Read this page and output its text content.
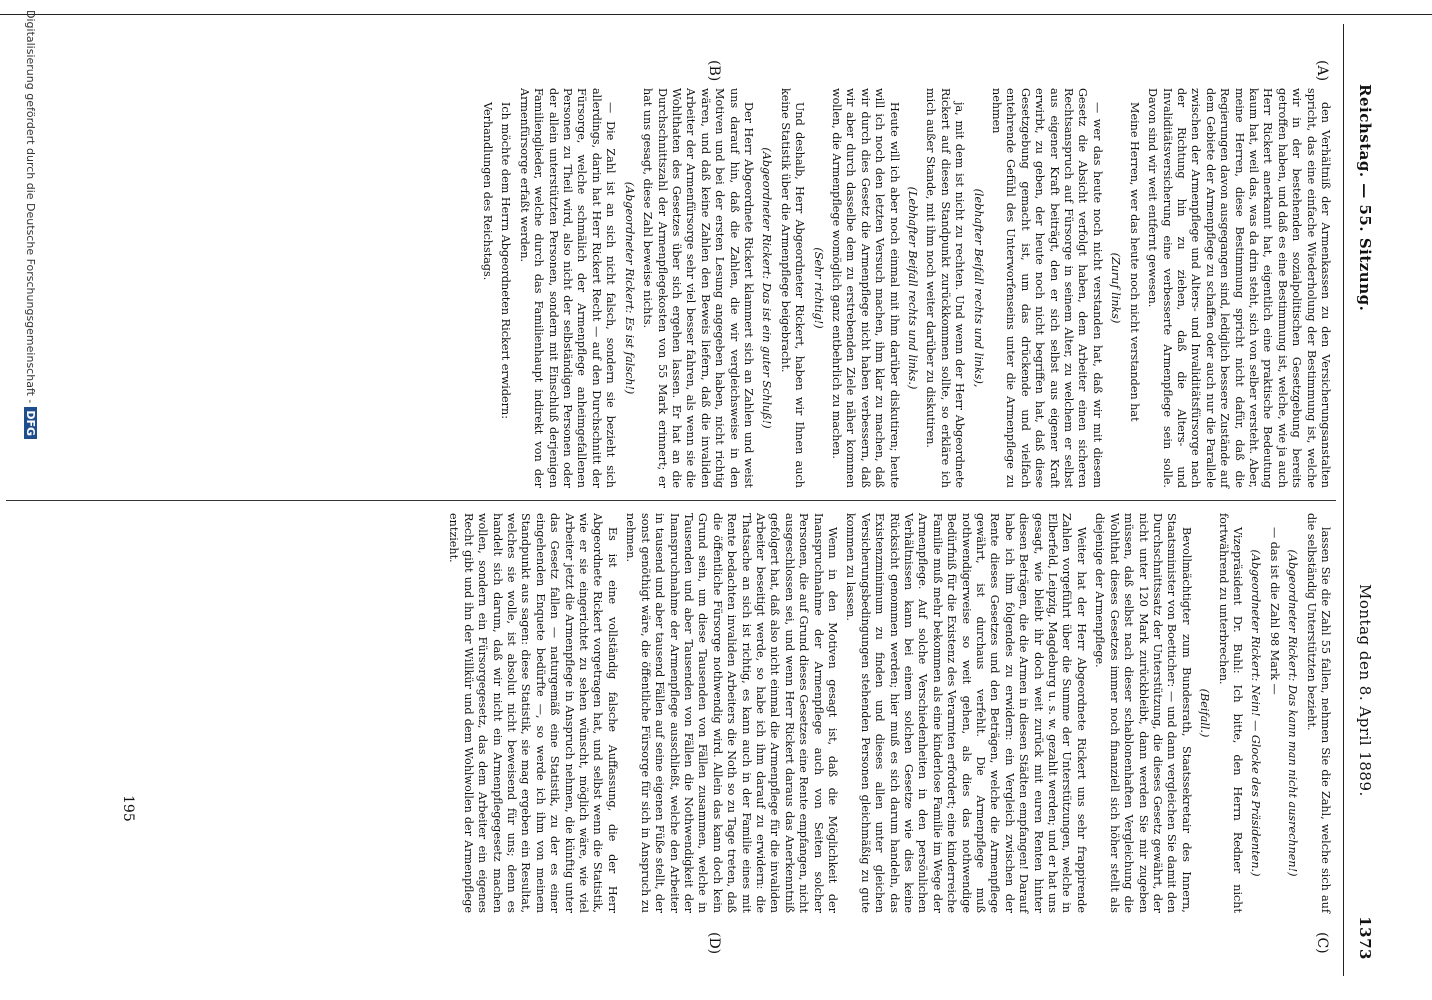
Reichstag. — 55. Sitzung.
Montag den 8. April 1889.
1373
(A)
(B)
(C)
(D)

den Verhältniß der Armenkassen zu den Versicherungsanstalten spricht, das eine einfache Wiederholung der Bestimmung ist, welche wir in der bestehenden sozialpolitischen Gesetzgebung bereits getroffen haben, und daß es eine Bestimmung ist, welche, wie ja auch Herr Rickert anerkannt hat, eigentlich eine praktische Bedeutung kaum hat, weil das, was da drin steht, sich von selber versteht. Aber, meine Herren, diese Bestimmung spricht nicht dafür, daß die Regierungen davon ausgegangen sind, lediglich bessere Zustände auf dem Gebiete der Armenpflege zu schaffen oder auch nur die Parallele zwischen der Armenpflege und Alters- und Invaliditätsfürsorge nach der Richtung hin zu ziehen, daß die Alters- und Invaliditätsversicherung eine verbesserte Armenpflege sein solle. Davon sind wir weit entfernt gewesen.

Meine Herren, wer das heute noch nicht verstanden hat

(Zuruf links)

— wer das heute noch nicht verstanden hat, daß wir mit diesem Gesetz die Absicht verfolgt haben, dem Arbeiter einen sicheren Rechtsanspruch auf Fürsorge in seinem Alter, zu welchem er selbst aus eigener Kraft beiträgt, den er sich selbst aus eigener Kraft erwirbt, zu geben, der heute noch nicht begriffen hat, daß diese Gesetzgebung gemacht ist, um das drückende und vielfach entehrende Gefühl des Unterworfenseins unter die Armenpflege zu nehmen

(lebhafter Beifall rechts und links),

ja, mit dem ist nicht zu rechten. Und wenn der Herr Abgeordnete Rickert auf diesen Standpunkt zurückkommen sollte, so erkläre ich mich außer Stande, mit ihm noch weiter darüber zu diskutiren.

(Lebhafter Beifall rechts und links.)

Heute will ich aber noch einmal mit ihm darüber diskutiren; heute will ich noch den letzten Versuch machen, ihm klar zu machen, daß wir durch dies Gesetz die Armenpflege nicht haben verbessern, daß wir aber durch dasselbe dem zu erstrebenden Ziele näher kommen wollen, die Armenpflege womöglich ganz entbehrlich zu machen.

(Sehr richtig!)

Und deshalb, Herr Abgeordneter Rickert, haben wir Ihnen auch keine Statistik über die Armenpflege beigebracht.

(Abgeordneter Rickert: Das ist ein guter Schluß!)

Der Herr Abgeordnete Rickert klammert sich an Zahlen und weist uns darauf hin, daß die Zahlen, die wir vergleichsweise in den Motiven und bei der ersten Lesung angegeben haben, nicht richtig wären, und daß keine Zahlen den Beweis liefern, daß die invaliden Arbeiter der Armenfürsorge sehr viel besser fahren, als wenn sie die Wohlthaten des Gesetzes über sich ergehen lassen. Er hat an die Durchschnittszahl der Armenpflegekosten von 55 Mark erinnert; er hat uns gesagt, diese Zahl beweise nichts.

(Abgeordneter Rickert: Es ist falsch!)

— Die Zahl ist an sich nicht falsch, sondern sie bezieht sich allerdings, darin hat Herr Rickert Recht — auf den Durchschnitt der Fürsorge, welche schmälich der Armenpflege anheimgefallenen Personen zu Theil wird, also nicht der selbständigen Personen oder der allein unterstützten Personen, sondern mit Einschluß derjenigen Familienglieder, welche durch das Familienhaupt indirekt von der Armenfürsorge erfaßt werden.

Ich möchte dem Herrn Abgeordneten Rickert erwidern:

Verhandlungen des Reichstags.

lassen Sie die Zahl 55 fallen, nehmen Sie die Zahl, welche sich auf die selbständig Unterstützten bezieht.

(Abgeordneter Rickert: Das kann man nicht ausrechnen!)

— das ist die Zahl 98 Mark —

(Abgeordneter Rickert: Nein! — Glocke des Präsidenten.)

Vizepräsident Dr. Buhl: Ich bitte, den Herrn Redner nicht fortwährend zu unterbrechen.

(Beifall.)

Bevollmächtigter zum Bundesrath, Staatssekretair des Innern, Staatsminister von Boetticher: — und dann vergleichen Sie damit den Durchschnittssatz der Unterstützung, die dieses Gesetz gewährt, der nicht unter 120 Mark zurückbleibt, dann werden Sie mir zugeben müssen, daß selbst nach dieser schablonenhaften Vergleichung die Wohlthat dieses Gesetzes immer noch finanziell sich höher stellt als diejenige der Armenpflege.

Weiter hat der Herr Abgeordnete Rickert uns sehr frappirende Zahlen vorgeführt über die Summe der Unterstützungen, welche in Elberfeld, Leipzig, Magdeburg u. s. w. gezahlt werden; und er hat uns gesagt, wie bleibt ihr doch weit zurück mit euren Renten hinter diesen Beträgen, die die Armen in diesen Städten empfangen! Darauf habe ich ihm folgendes zu erwidern: ein Vergleich zwischen der Rente dieses Gesetzes und den Beträgen, welche die Armenpflege gewährt, ist durchaus verfehlt. Die Armenpflege muß nothwendigerweise so weit gehen, als dies das nothwendige Bedürfniß für die Existenz des Verarmten erfordert; eine kinderreiche Familie muß mehr bekommen als eine kinderlose Familie im Wege der Armenpflege. Auf solche Verschiedenheiten in den persönlichen Verhältnissen kann bei einem solchen Gesetze wie dies keine Rücksicht genommen werden; hier muß es sich darum handeln, das Existenzminimum zu finden und dieses allen unter gleichen Versicherungsbedingungen stehenden Personen gleichmäßig zu gute kommen zu lassen.

Wenn in den Motiven gesagt ist, daß die Möglichkeit der Inanspruchnahme der Armenpflege auch von Seiten solcher Personen, die auf Grund dieses Gesetzes eine Rente empfangen, nicht ausgeschlossen sei, und wenn Herr Rickert daraus das Anerkenntniß gefolgert hat, daß also nicht einmal die Armenpflege für die invaliden Arbeiter beseitigt werde, so habe ich ihm darauf zu erwidern: die Thatsache an sich ist richtig, es kann auch in der Familie eines mit Rente bedachten invaliden Arbeiters die Noth so zu Tage treten, daß die öffentliche Fürsorge nothwendig wird. Allein das kann doch kein Grund sein, um diese Tausenden von Fällen zusammen, welche in Tausenden und aber Tausenden von Fällen die Nothwendigkeit der Inanspruchnahme der Armenpflege ausschließt, welche den Arbeiter in tausend und aber tausend Fällen auf seine eigenen Füße stellt, der sonst genöthigt wäre, die öffentliche Fürsorge für sich in Anspruch zu nehmen.

Es ist eine vollständig falsche Auffassung, die der Herr Abgeordnete Rickert vorgetragen hat, und selbst wenn die Statistik, wie er sie eingerichtet zu sehen wünscht, möglich wäre, wie viel Arbeiter jetzt die Armenpflege in Anspruch nehmen, die künftig unter das Gesetz fallen — naturgemäß eine Statistik, zu der es einer eingehenden Enquete bedürfte —, so werde ich ihm von meinem Standpunkt aus sagen: diese Statistik, sie mag ergeben ein Resultat, welches sie wolle, ist absolut nicht beweisend für uns; denn es handelt sich darum, daß wir nicht ein Armenpflegegesetz machen wollen, sondern ein Fürsorgegesetz, das dem Arbeiter ein eigenes Recht gibt und ihn der Willkür und dem Wohlwollen der Armenpflege entzieht.

195
Digitalisierung gefördert durch die Deutsche Forschungsgemeinschaft -DFG
